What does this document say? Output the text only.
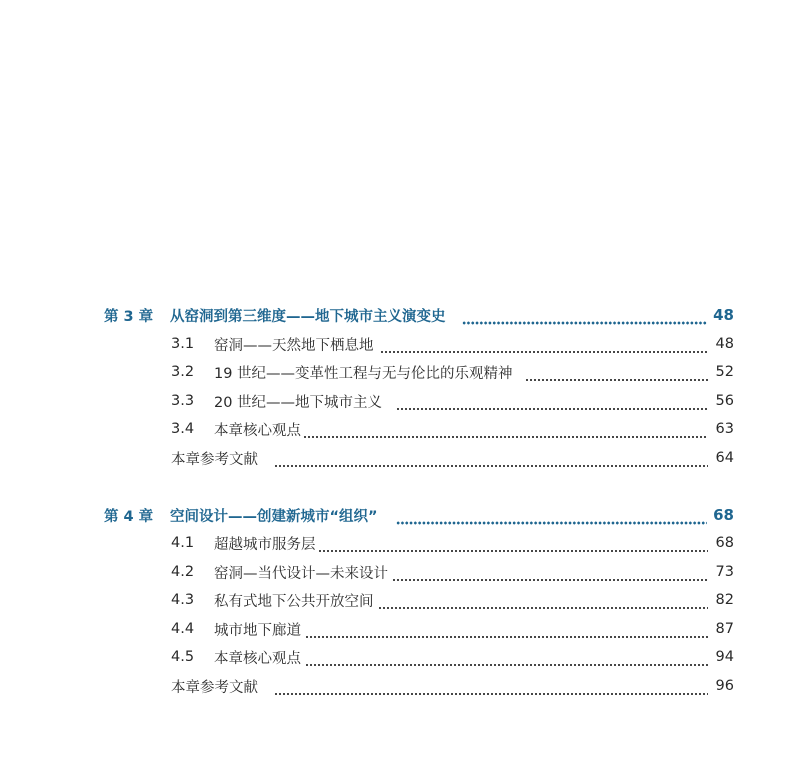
第 3 章	从窑洞到第三维度——地下城市主义演变史	48
3.1	窑洞——天然地下栖息地	48
3.2	19 世纪——变革性工程与无与伦比的乐观精神	52
3.3	20 世纪——地下城市主义	56
3.4	本章核心观点	63
本章参考文献	64
第 4 章	空间设计——创建新城市“组织”	68
4.1	超越城市服务层	68
4.2	窑洞—当代设计—未来设计	73
4.3	私有式地下公共开放空间	82
4.4	城市地下廊道	87
4.5	本章核心观点	94
本章参考文献	96
